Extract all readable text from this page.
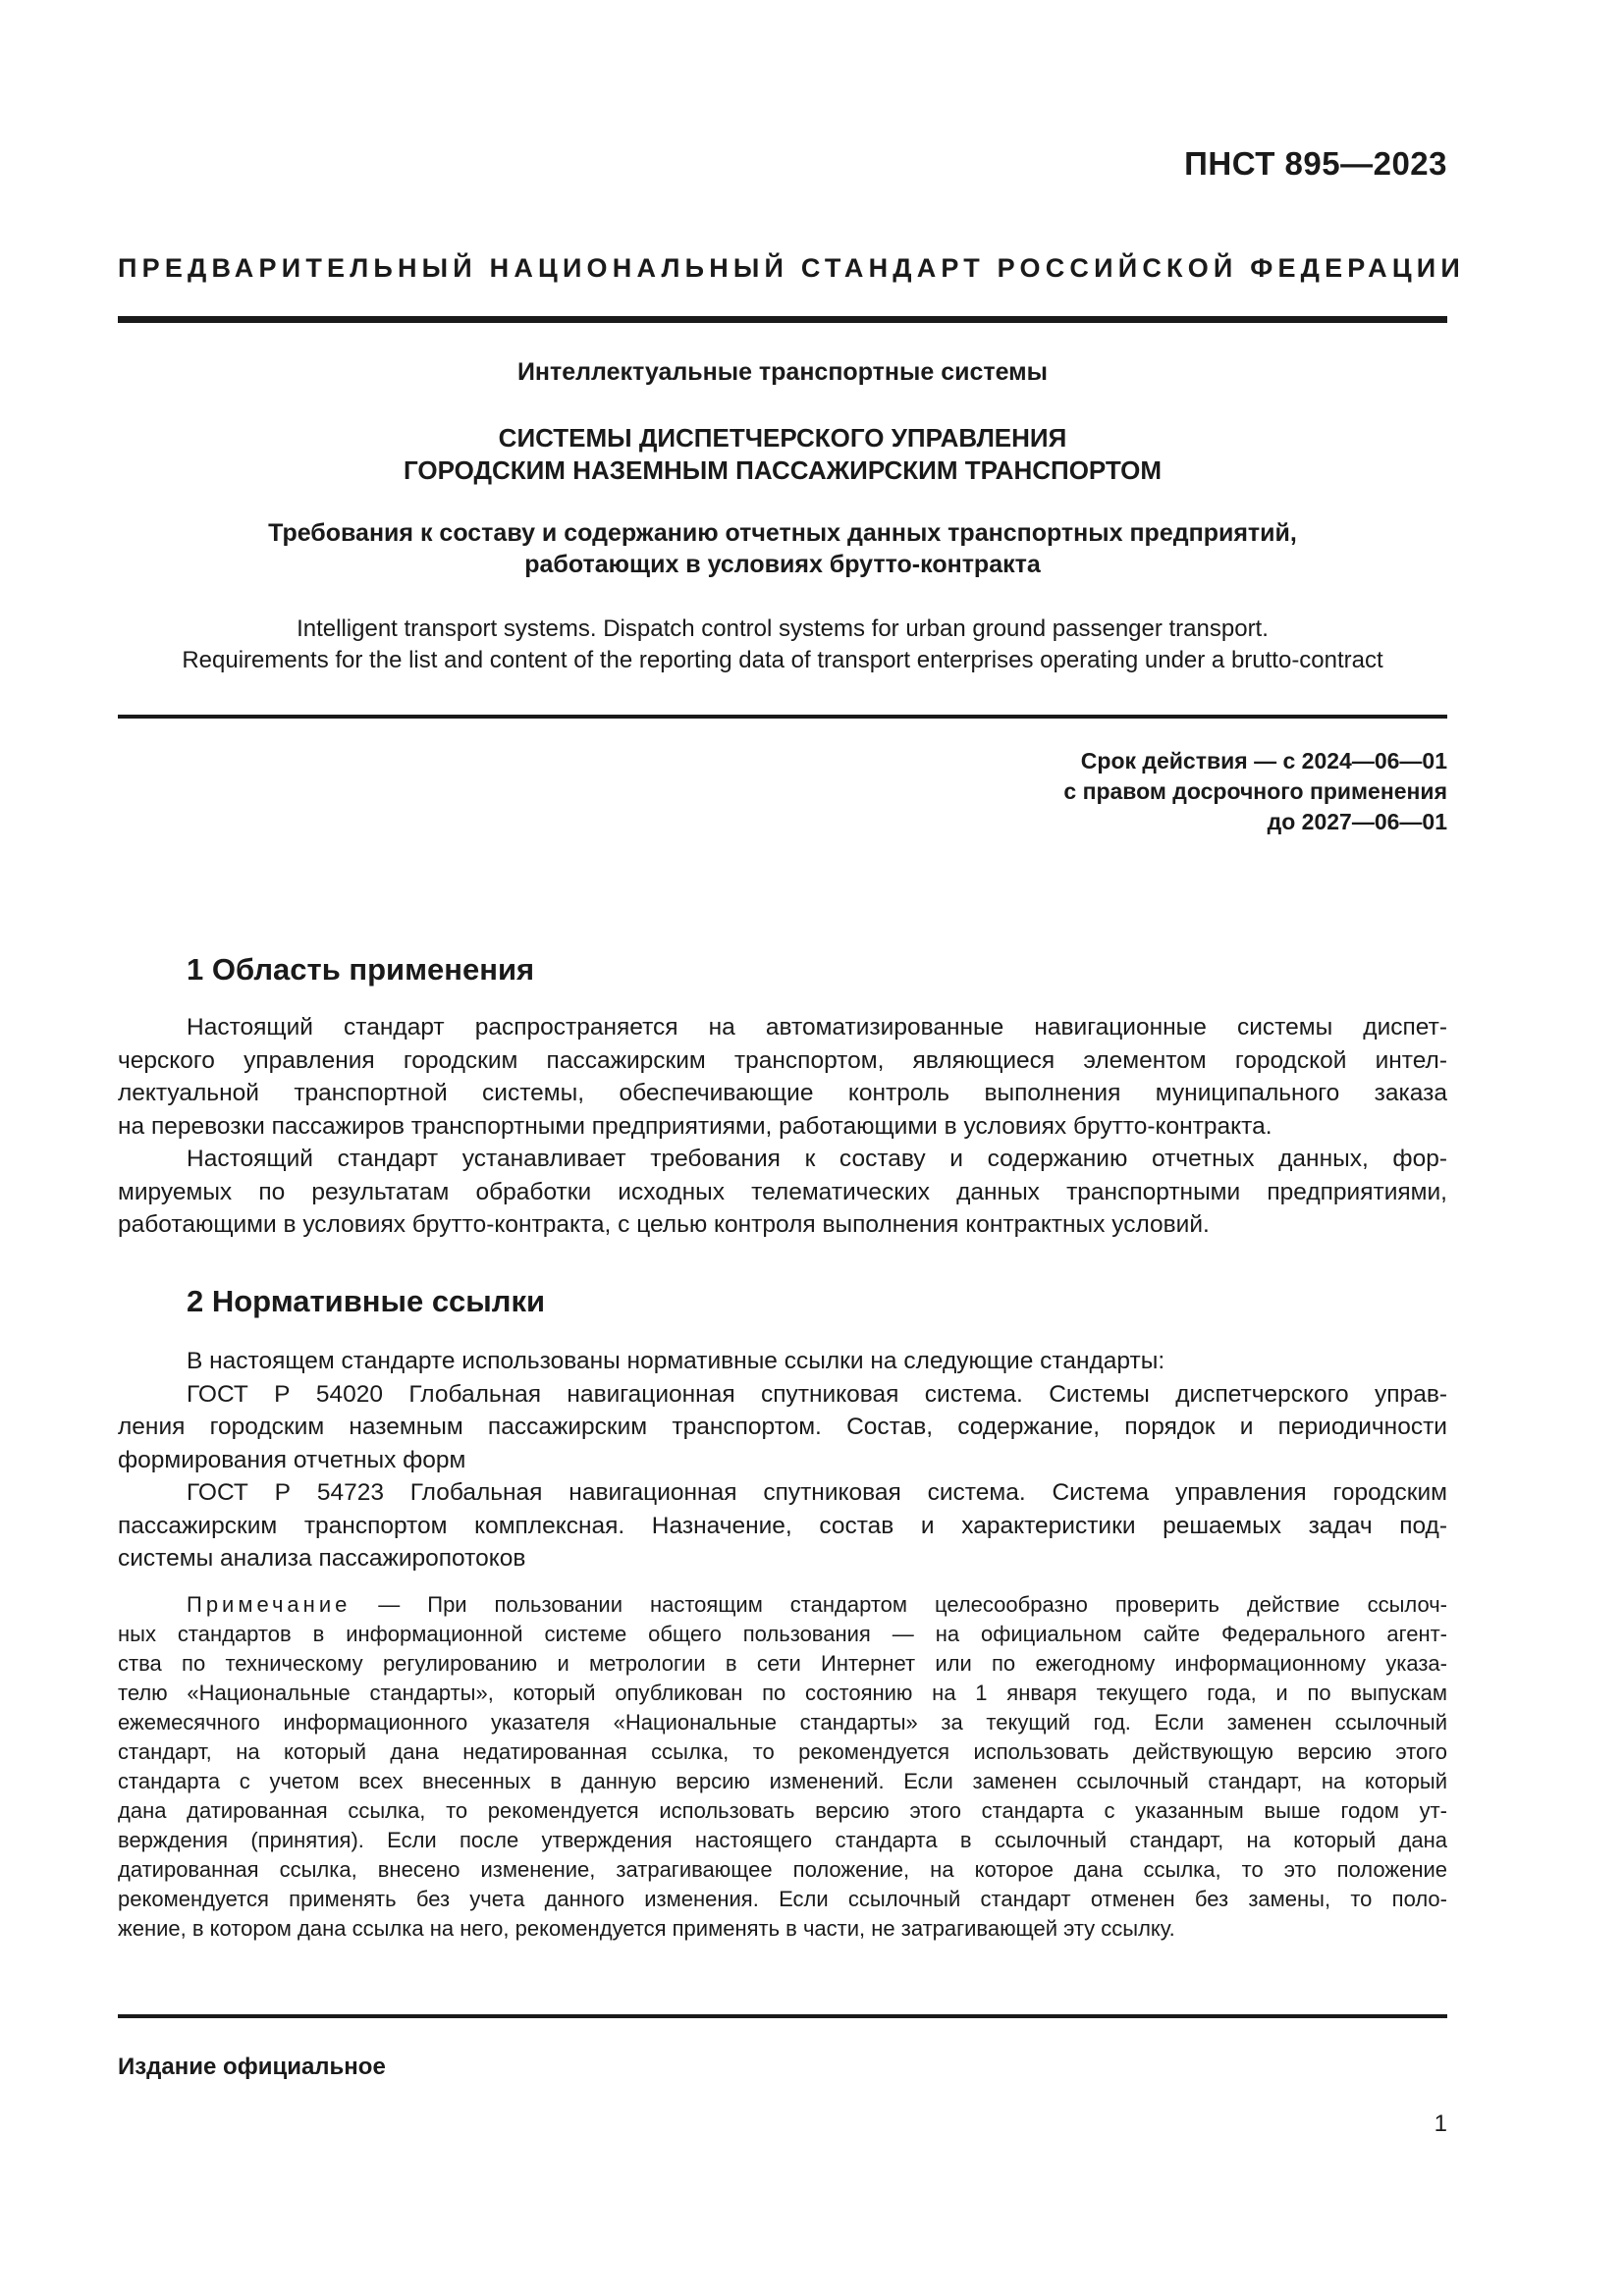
ПНСТ 895—2023
ПРЕДВАРИТЕЛЬНЫЙ НАЦИОНАЛЬНЫЙ СТАНДАРТ РОССИЙСКОЙ ФЕДЕРАЦИИ
Интеллектуальные транспортные системы
СИСТЕМЫ ДИСПЕТЧЕРСКОГО УПРАВЛЕНИЯ
ГОРОДСКИМ НАЗЕМНЫМ ПАССАЖИРСКИМ ТРАНСПОРТОМ
Требования к составу и содержанию отчетных данных транспортных предприятий,
работающих в условиях брутто-контракта
Intelligent transport systems. Dispatch control systems for urban ground passenger transport.
Requirements for the list and content of the reporting data of transport enterprises operating under a brutto-contract
Срок действия — с 2024—06—01
с правом досрочного применения
до 2027—06—01
1 Область применения
Настоящий стандарт распространяется на автоматизированные навигационные системы диспет-
черского управления городским пассажирским транспортом, являющиеся элементом городской интел-
лектуальной транспортной системы, обеспечивающие контроль выполнения муниципального заказа
на перевозки пассажиров транспортными предприятиями, работающими в условиях брутто-контракта.
Настоящий стандарт устанавливает требования к составу и содержанию отчетных данных, фор-
мируемых по результатам обработки исходных телематических данных транспортными предприятиями,
работающими в условиях брутто-контракта, с целью контроля выполнения контрактных условий.
2 Нормативные ссылки
В настоящем стандарте использованы нормативные ссылки на следующие стандарты:
ГОСТ Р 54020 Глобальная навигационная спутниковая система. Системы диспетчерского управ-
ления городским наземным пассажирским транспортом. Состав, содержание, порядок и периодичности
формирования отчетных форм
ГОСТ Р 54723 Глобальная навигационная спутниковая система. Система управления городским
пассажирским транспортом комплексная. Назначение, состав и характеристики решаемых задач под-
системы анализа пассажиропотоков
Примечание — При пользовании настоящим стандартом целесообразно проверить действие ссылоч-
ных стандартов в информационной системе общего пользования — на официальном сайте Федерального агент-
ства по техническому регулированию и метрологии в сети Интернет или по ежегодному информационному указа-
телю «Национальные стандарты», который опубликован по состоянию на 1 января текущего года, и по выпускам
ежемесячного информационного указателя «Национальные стандарты» за текущий год. Если заменен ссылочный
стандарт, на который дана недатированная ссылка, то рекомендуется использовать действующую версию этого
стандарта с учетом всех внесенных в данную версию изменений. Если заменен ссылочный стандарт, на который
дана датированная ссылка, то рекомендуется использовать версию этого стандарта с указанным выше годом ут-
верждения (принятия). Если после утверждения настоящего стандарта в ссылочный стандарт, на который дана
датированная ссылка, внесено изменение, затрагивающее положение, на которое дана ссылка, то это положение
рекомендуется применять без учета данного изменения. Если ссылочный стандарт отменен без замены, то поло-
жение, в котором дана ссылка на него, рекомендуется применять в части, не затрагивающей эту ссылку.
Издание официальное
1
